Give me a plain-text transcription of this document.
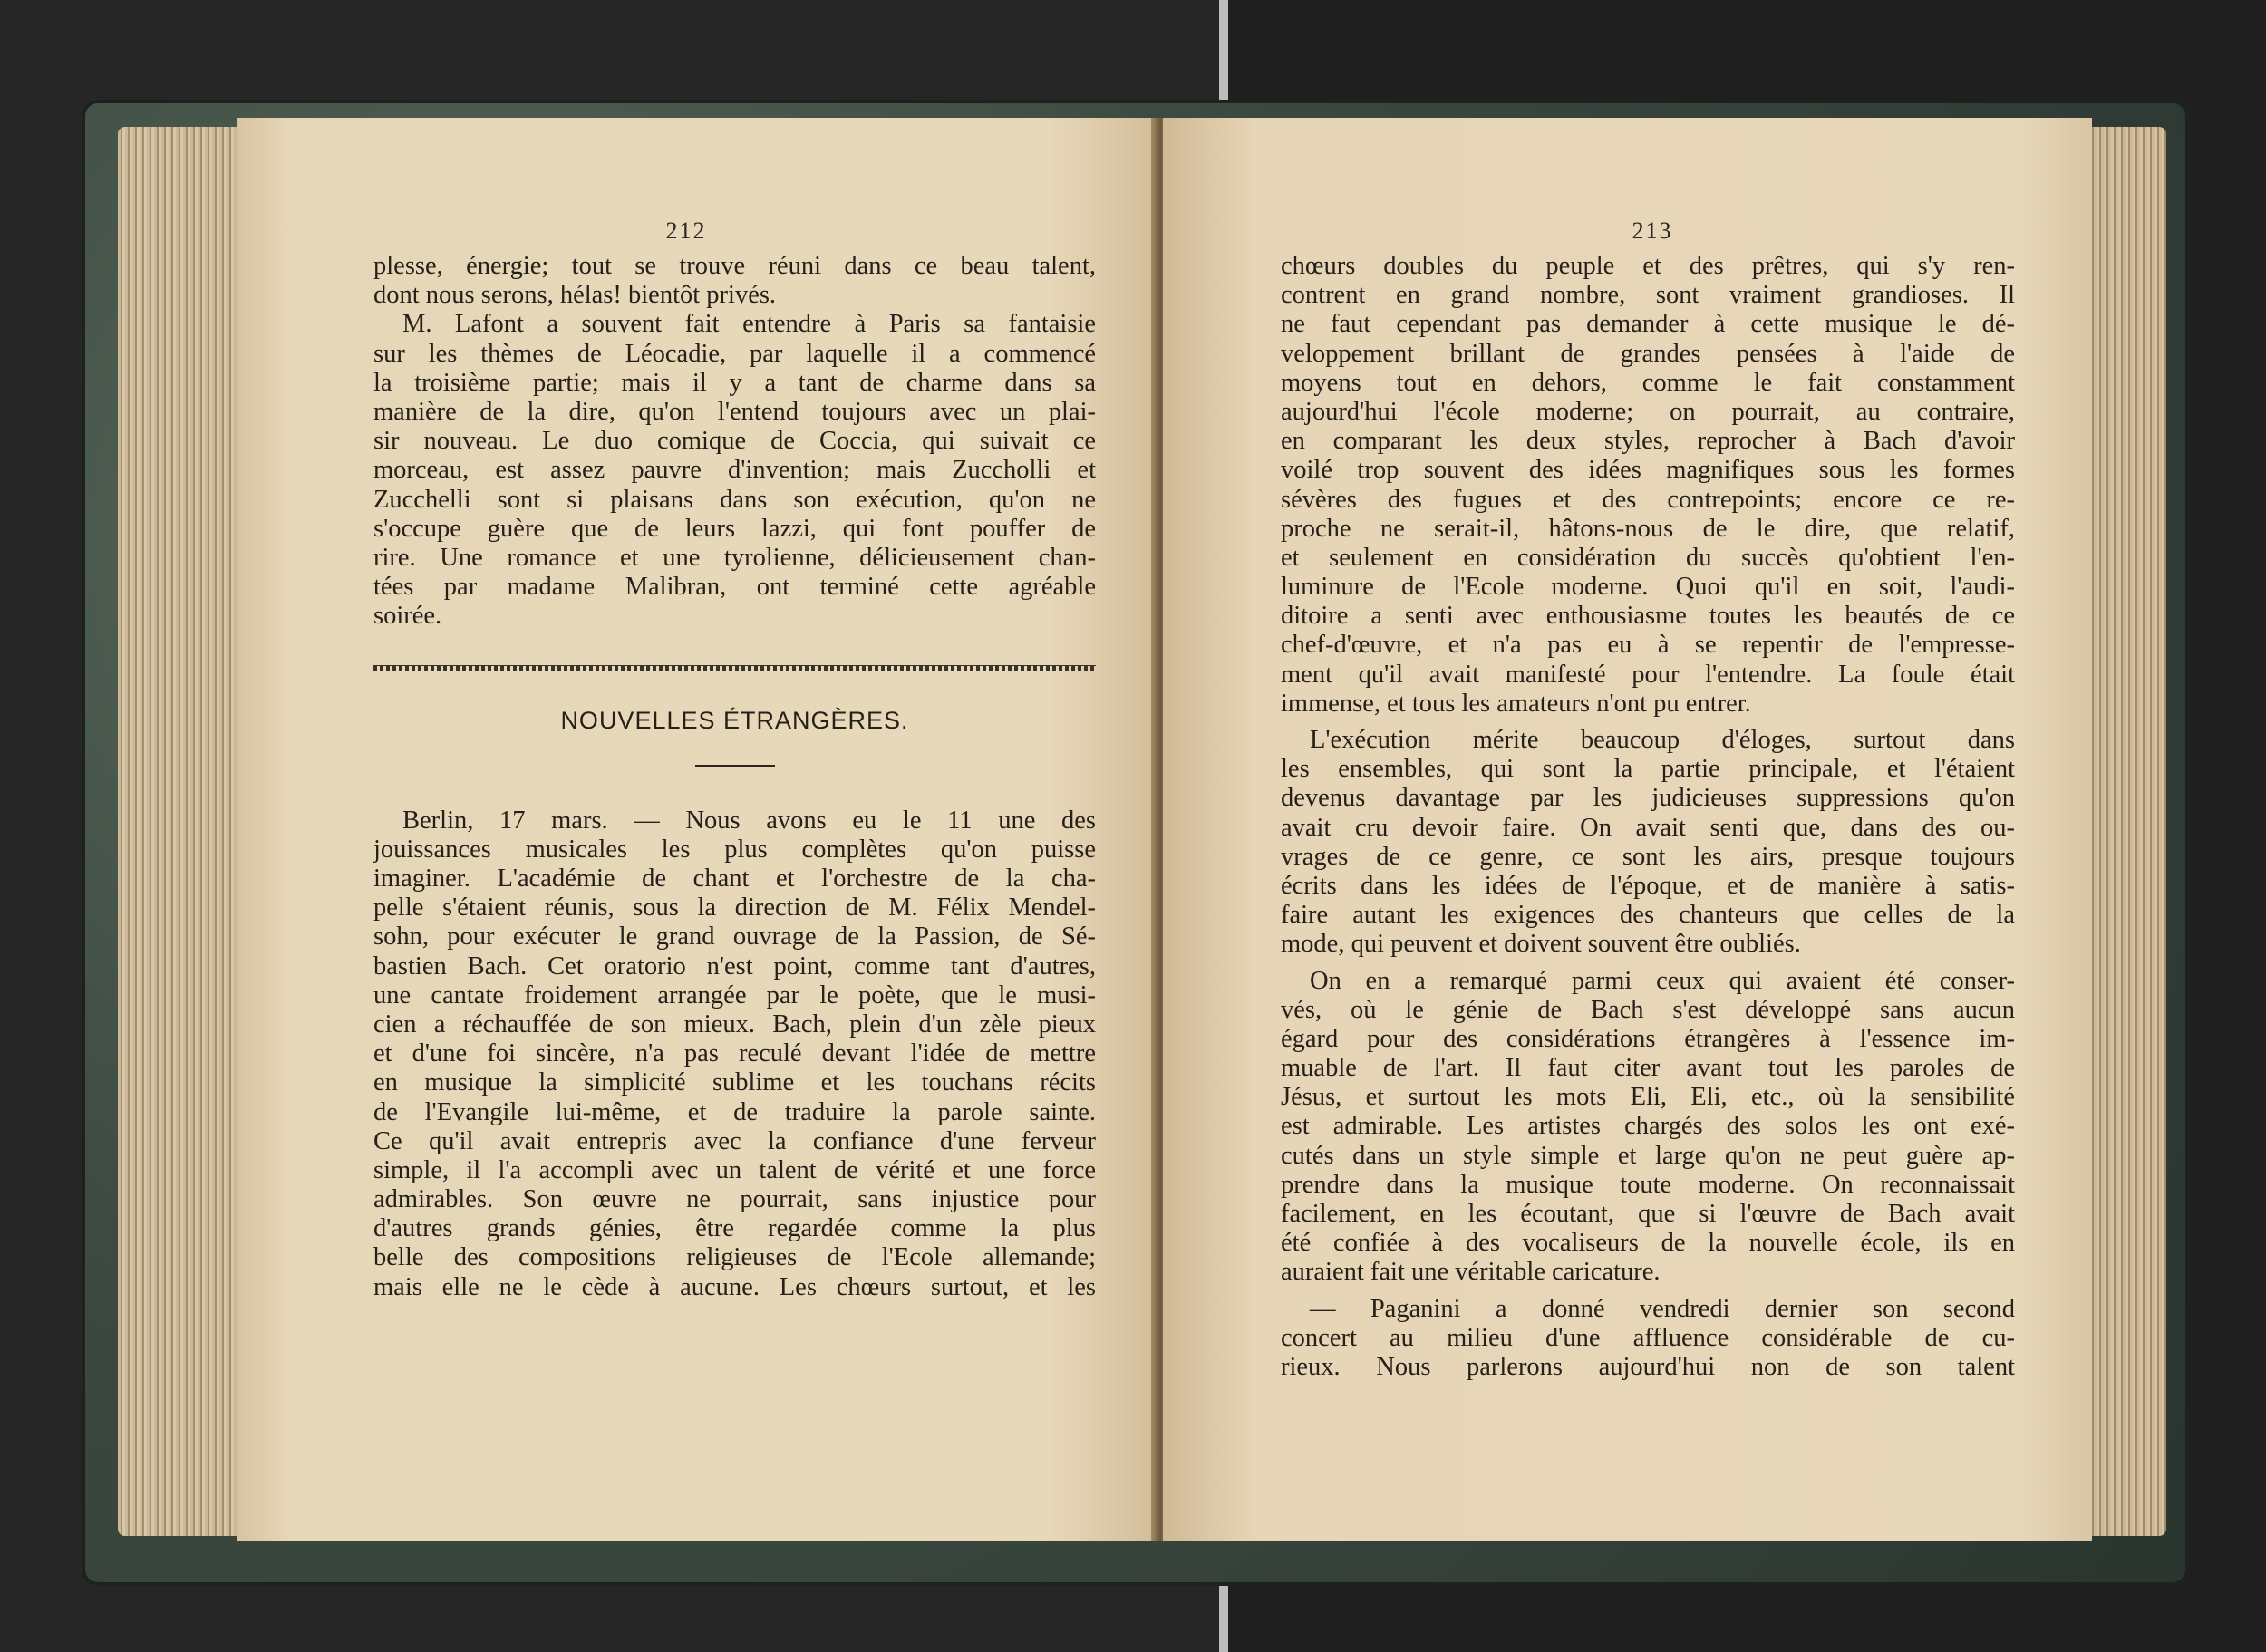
212
plesse, énergie; tout se trouve réuni dans ce beau talent,
dont nous serons, hélas! bientôt privés.
M. Lafont a souvent fait entendre à Paris sa fantaisie
sur les thèmes de Léocadie, par laquelle il a commencé
la troisième partie; mais il y a tant de charme dans sa
manière de la dire, qu'on l'entend toujours avec un plai-
sir nouveau. Le duo comique de Coccia, qui suivait ce
morceau, est assez pauvre d'invention; mais Zuccholli et
Zucchelli sont si plaisans dans son exécution, qu'on ne
s'occupe guère que de leurs lazzi, qui font pouffer de
rire. Une romance et une tyrolienne, délicieusement chan-
tées par madame Malibran, ont terminé cette agréable
soirée.
NOUVELLES ÉTRANGÈRES.
Berlin, 17 mars. — Nous avons eu le 11 une des
jouissances musicales les plus complètes qu'on puisse
imaginer. L'académie de chant et l'orchestre de la cha-
pelle s'étaient réunis, sous la direction de M. Félix Mendel-
sohn, pour exécuter le grand ouvrage de la Passion, de Sé-
bastien Bach. Cet oratorio n'est point, comme tant d'autres,
une cantate froidement arrangée par le poète, que le musi-
cien a réchauffée de son mieux. Bach, plein d'un zèle pieux
et d'une foi sincère, n'a pas reculé devant l'idée de mettre
en musique la simplicité sublime et les touchans récits
de l'Evangile lui-même, et de traduire la parole sainte.
Ce qu'il avait entrepris avec la confiance d'une ferveur
simple, il l'a accompli avec un talent de vérité et une force
admirables. Son œuvre ne pourrait, sans injustice pour
d'autres grands génies, être regardée comme la plus
belle des compositions religieuses de l'Ecole allemande;
mais elle ne le cède à aucune. Les chœurs surtout, et les
213
chœurs doubles du peuple et des prêtres, qui s'y ren-
contrent en grand nombre, sont vraiment grandioses. Il
ne faut cependant pas demander à cette musique le dé-
veloppement brillant de grandes pensées à l'aide de
moyens tout en dehors, comme le fait constamment
aujourd'hui l'école moderne; on pourrait, au contraire,
en comparant les deux styles, reprocher à Bach d'avoir
voilé trop souvent des idées magnifiques sous les formes
sévères des fugues et des contrepoints; encore ce re-
proche ne serait-il, hâtons-nous de le dire, que relatif,
et seulement en considération du succès qu'obtient l'en-
luminure de l'Ecole moderne. Quoi qu'il en soit, l'audi-
ditoire a senti avec enthousiasme toutes les beautés de ce
chef-d'œuvre, et n'a pas eu à se repentir de l'empresse-
ment qu'il avait manifesté pour l'entendre. La foule était
immense, et tous les amateurs n'ont pu entrer.
L'exécution mérite beaucoup d'éloges, surtout dans
les ensembles, qui sont la partie principale, et l'étaient
devenus davantage par les judicieuses suppressions qu'on
avait cru devoir faire. On avait senti que, dans des ou-
vrages de ce genre, ce sont les airs, presque toujours
écrits dans les idées de l'époque, et de manière à satis-
faire autant les exigences des chanteurs que celles de la
mode, qui peuvent et doivent souvent être oubliés.
On en a remarqué parmi ceux qui avaient été conser-
vés, où le génie de Bach s'est développé sans aucun
égard pour des considérations étrangères à l'essence im-
muable de l'art. Il faut citer avant tout les paroles de
Jésus, et surtout les mots Eli, Eli, etc., où la sensibilité
est admirable. Les artistes chargés des solos les ont exé-
cutés dans un style simple et large qu'on ne peut guère ap-
prendre dans la musique toute moderne. On reconnaissait
facilement, en les écoutant, que si l'œuvre de Bach avait
été confiée à des vocaliseurs de la nouvelle école, ils en
auraient fait une véritable caricature.
— Paganini a donné vendredi dernier son second
concert au milieu d'une affluence considérable de cu-
rieux. Nous parlerons aujourd'hui non de son talent
